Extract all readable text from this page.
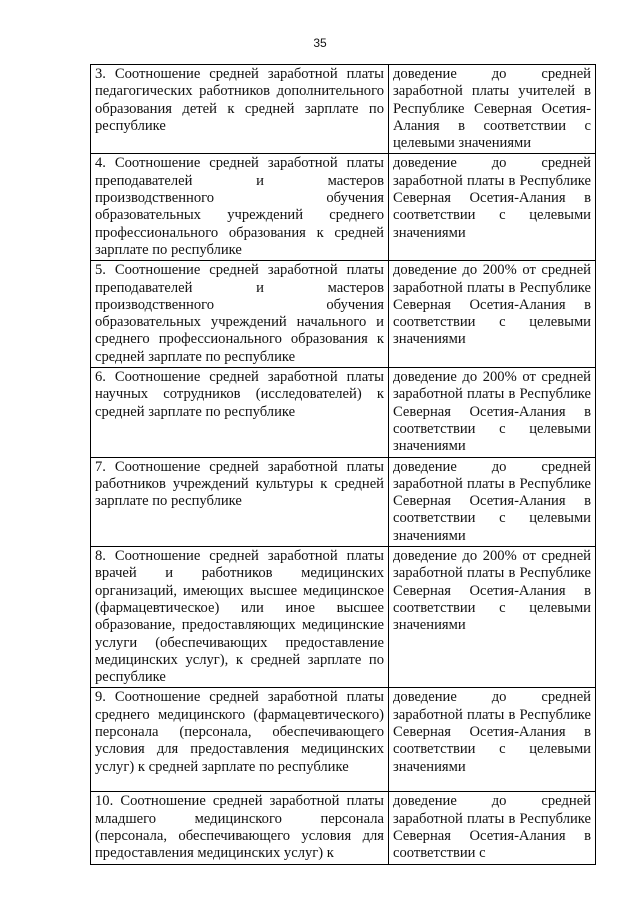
35
3. Соотношение средней заработной платы педагогических работников дополнительного образования детей к средней зарплате по республике	доведение до средней заработной платы учителей в Республике Северная Осетия-Алания в соответствии с целевыми значениями
4. Соотношение средней заработной платы преподавателей и мастеров производственного обучения образовательных учреждений среднего профессионального образования к средней зарплате по республике	доведение до средней заработной платы в Республике Северная Осетия-Алания в соответствии с целевыми значениями
5. Соотношение средней заработной платы преподавателей и мастеров производственного обучения образовательных учреждений начального и среднего профессионального образования к средней зарплате по республике	доведение до 200% от средней заработной платы в Республике Северная Осетия-Алания в соответствии с целевыми значениями
6. Соотношение средней заработной платы научных сотрудников (исследователей) к средней зарплате по республике	доведение до 200% от средней заработной платы в Республике Северная Осетия-Алания в соответствии с целевыми значениями
7. Соотношение средней заработной платы работников учреждений культуры к средней зарплате по республике	доведение до средней заработной платы в Республике Северная Осетия-Алания в соответствии с целевыми значениями
8. Соотношение средней заработной платы врачей и работников медицинских организаций, имеющих высшее медицинское (фармацевтическое) или иное высшее образование, предоставляющих медицинские услуги (обеспечивающих предоставление медицинских услуг), к средней зарплате по республике	доведение до 200% от средней заработной платы в Республике Северная Осетия-Алания в соответствии с целевыми значениями
9. Соотношение средней заработной платы среднего медицинского (фармацевтического) персонала (персонала, обеспечивающего условия для предоставления медицинских услуг) к средней зарплате по республике	доведение до средней заработной платы в Республике Северная Осетия-Алания в соответствии с целевыми значениями
10. Соотношение средней заработной платы младшего медицинского персонала (персонала, обеспечивающего условия для предоставления медицинских услуг) к	доведение до средней заработной платы в Республике Северная Осетия-Алания в соответствии с
